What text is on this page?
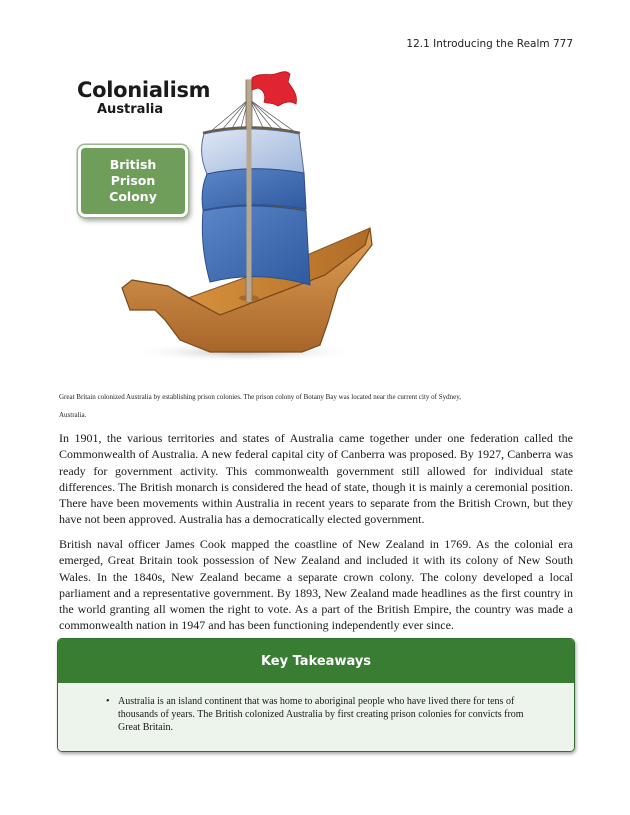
12.1 Introducing the Realm 777
Colonialism
Australia
British
Prison
Colony
Great Britain colonized Australia by establishing prison colonies. The prison colony of Botany Bay was located near the current city of Sydney, Australia.

In 1901, the various territories and states of Australia came together under one federation called the Commonwealth of Australia. A new federal capital city of Canberra was proposed. By 1927, Canberra was ready for government activity. This commonwealth government still allowed for individual state differences. The British monarch is considered the head of state, though it is mainly a ceremonial position. There have been movements within Australia in recent years to separate from the British Crown, but they have not been approved. Australia has a democratically elected government.

British naval officer James Cook mapped the coastline of New Zealand in 1769. As the colonial era emerged, Great Britain took possession of New Zealand and included it with its colony of New South Wales. In the 1840s, New Zealand became a separate crown colony. The colony developed a local parliament and a representative government. By 1893, New Zealand made headlines as the first country in the world granting all women the right to vote. As a part of the British Empire, the country was made a commonwealth nation in 1947 and has been functioning independently ever since.

Key Takeaways
• Australia is an island continent that was home to aboriginal people who have lived there for tens of thousands of years. The British colonized Australia by first creating prison colonies for convicts from Great Britain.
